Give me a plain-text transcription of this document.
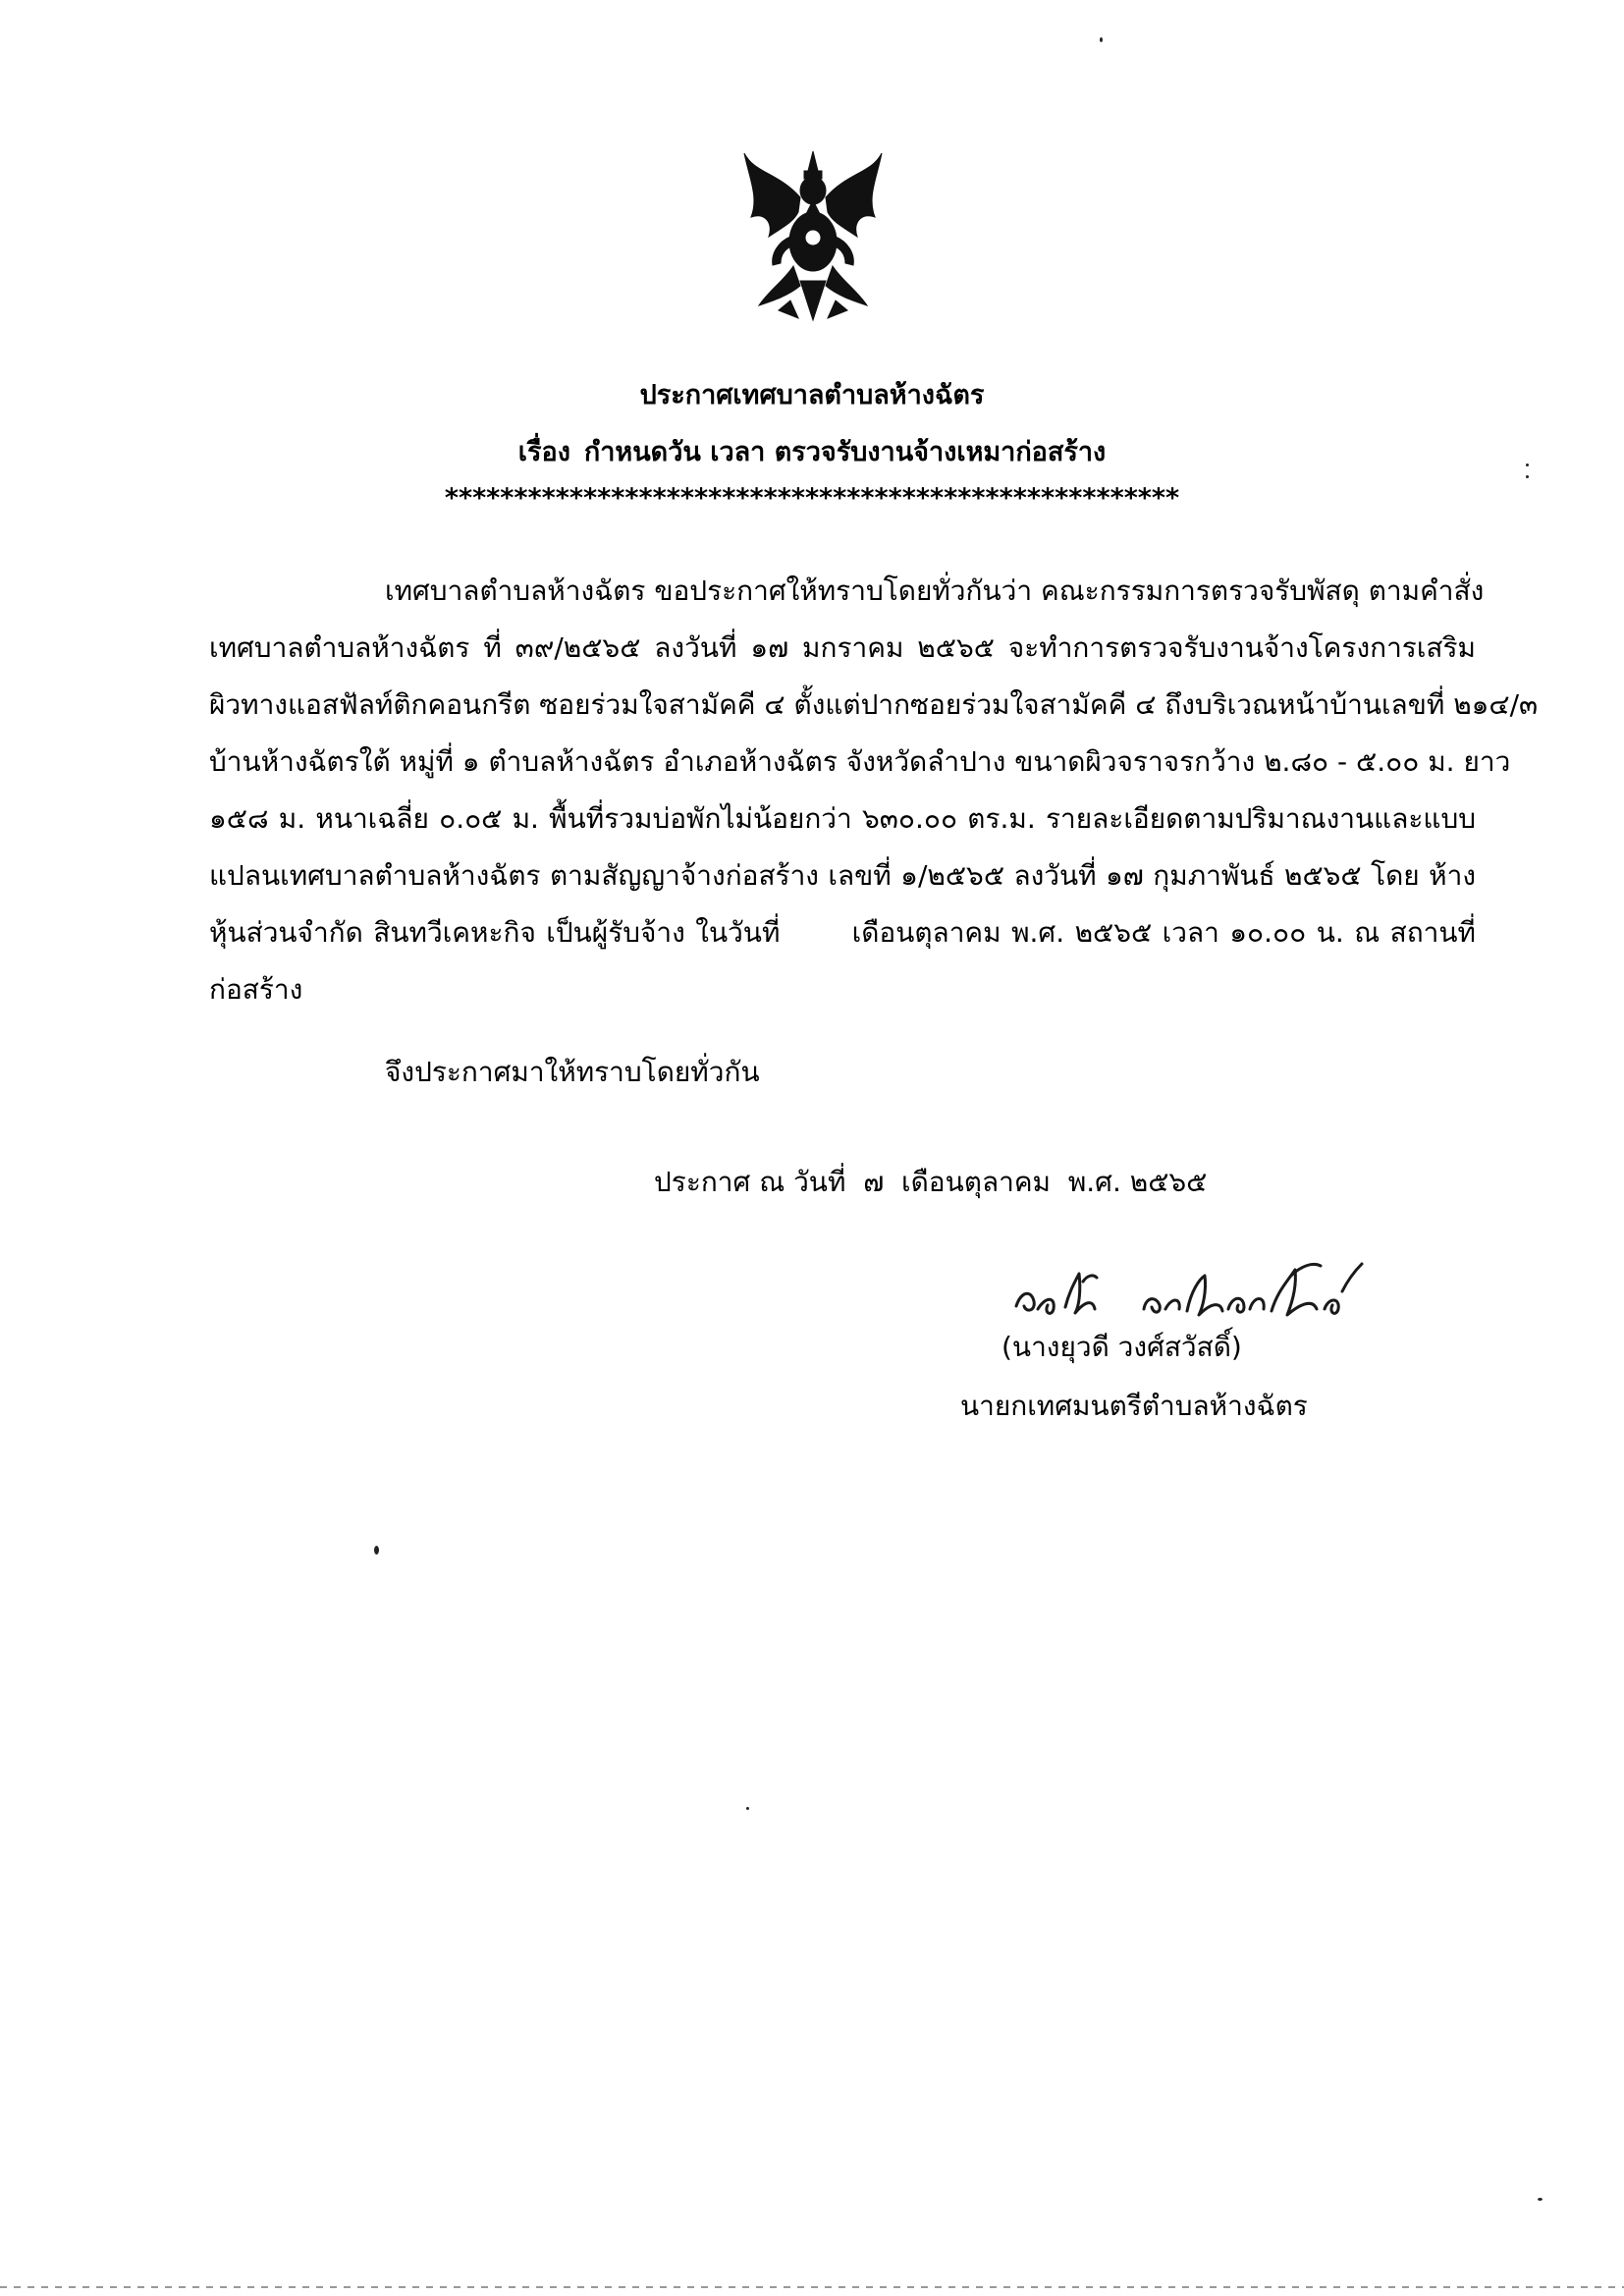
ประกาศเทศบาลตำบลห้างฉัตร
เรื่อง กำหนดวัน เวลา ตรวจรับงานจ้างเหมาก่อสร้าง
*****************************************************
เทศบาลตำบลห้างฉัตร ขอประกาศให้ทราบโดยทั่วกันว่า คณะกรรมการตรวจรับพัสดุ ตามคำสั่ง
เทศบาลตำบลห้างฉัตร ที่ ๓๙/๒๕๖๕ ลงวันที่ ๑๗ มกราคม ๒๕๖๕ จะทำการตรวจรับงานจ้างโครงการเสริม
ผิวทางแอสฟัลท์ติกคอนกรีต ซอยร่วมใจสามัคคี ๔ ตั้งแต่ปากซอยร่วมใจสามัคคี ๔ ถึงบริเวณหน้าบ้านเลขที่ ๒๑๔/๓
บ้านห้างฉัตรใต้ หมู่ที่ ๑ ตำบลห้างฉัตร อำเภอห้างฉัตร จังหวัดลำปาง ขนาดผิวจราจรกว้าง ๒.๘๐ - ๕.๐๐ ม. ยาว
๑๕๘ ม. หนาเฉลี่ย ๐.๐๕ ม. พื้นที่รวมบ่อพักไม่น้อยกว่า ๖๓๐.๐๐ ตร.ม. รายละเอียดตามปริมาณงานและแบบ
แปลนเทศบาลตำบลห้างฉัตร ตามสัญญาจ้างก่อสร้าง เลขที่ ๑/๒๕๖๕ ลงวันที่ ๑๗ กุมภาพันธ์ ๒๕๖๕ โดย ห้าง
หุ้นส่วนจำกัด สินทวีเคหะกิจ เป็นผู้รับจ้าง ในวันที่       เดือนตุลาคม พ.ศ. ๒๕๖๕ เวลา ๑๐.๐๐ น. ณ สถานที่
ก่อสร้าง
จึงประกาศมาให้ทราบโดยทั่วกัน
ประกาศ ณ วันที่  ๗  เดือนตุลาคม  พ.ศ. ๒๕๖๕
(นางยุวดี วงศ์สวัสดิ์)
นายกเทศมนตรีตำบลห้างฉัตร
